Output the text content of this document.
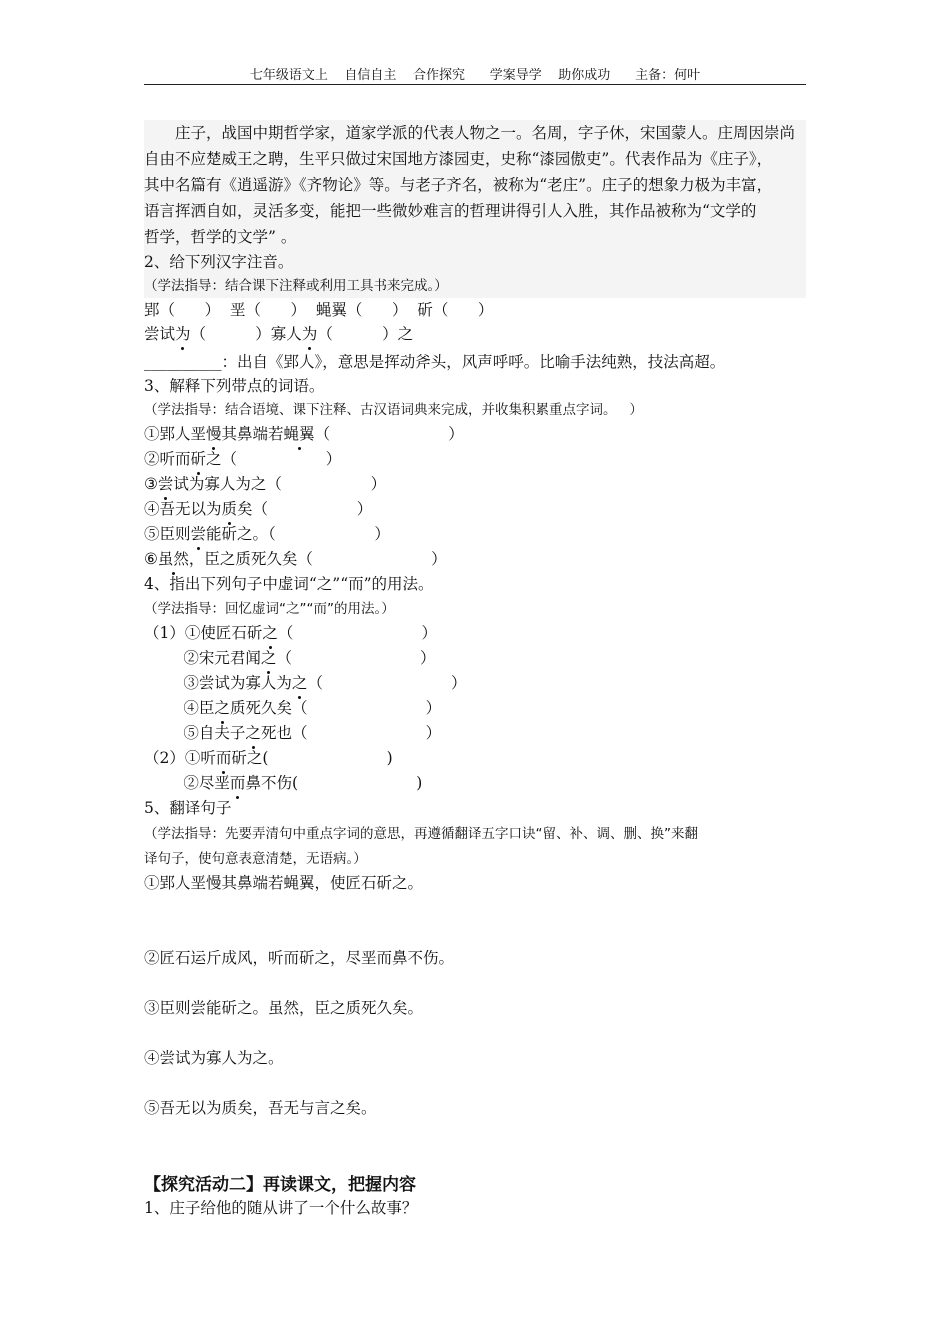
七年级语文上    自信自主    合作探究      学案导学    助你成功      主备：何叶
庄子，战国中期哲学家，道家学派的代表人物之一。名周，字子休，宋国蒙人。庄周因崇尚
自由不应楚威王之聘，生平只做过宋国地方漆园吏，史称“漆园傲吏”。代表作品为《庄子》，
其中名篇有《逍遥游》《齐物论》等。与老子齐名，被称为“老庄”。庄子的想象力极为丰富，
语言挥洒自如，灵活多变，能把一些微妙难言的哲理讲得引人入胜，其作品被称为“文学的
哲学，哲学的文学” 。
2、给下列汉字注音。
（学法指导：结合课下注释或利用工具书来完成。）
郢（      ） 垩（      ） 蝇翼（      ） 斫（      ）
尝试为（          ）寡人为（          ）之
__________：出自《郢人》，意思是挥动斧头，风声呼呼。比喻手法纯熟，技法高超。
3、解释下列带点的词语。
（学法指导：结合语境、课下注释、古汉语词典来完成，并收集积累重点字词。   ）
①郢人垩慢其鼻端若蝇翼（                        ）
②听而斫之（                  ）
③尝试为寡人为之（                  ）
④吾无以为质矣（                  ）
⑤臣则尝能斫之。（                    ）
⑥虽然，臣之质死久矣（                        ）
4、指出下列句子中虚词“之”“而”的用法。
（学法指导：回忆虚词“之”“而”的用法。）
（1）①使匠石斫之（                          ）
②宋元君闻之（                          ）
③尝试为寡人为之（                          ）
④臣之质死久矣（                        ）
⑤自夫子之死也（                        ）
（2）①听而斫之(                        )
②尽垩而鼻不伤(                        )
5、翻译句子
（学法指导：先要弄清句中重点字词的意思，再遵循翻译五字口诀“留、补、调、删、换”来翻
译句子，使句意表意清楚，无语病。）
①郢人垩慢其鼻端若蝇翼，使匠石斫之。
②匠石运斤成风，听而斫之，尽垩而鼻不伤。
③臣则尝能斫之。虽然，臣之质死久矣。
④尝试为寡人为之。
⑤吾无以为质矣，吾无与言之矣。
【探究活动二】再读课文，把握内容
1、庄子给他的随从讲了一个什么故事？
